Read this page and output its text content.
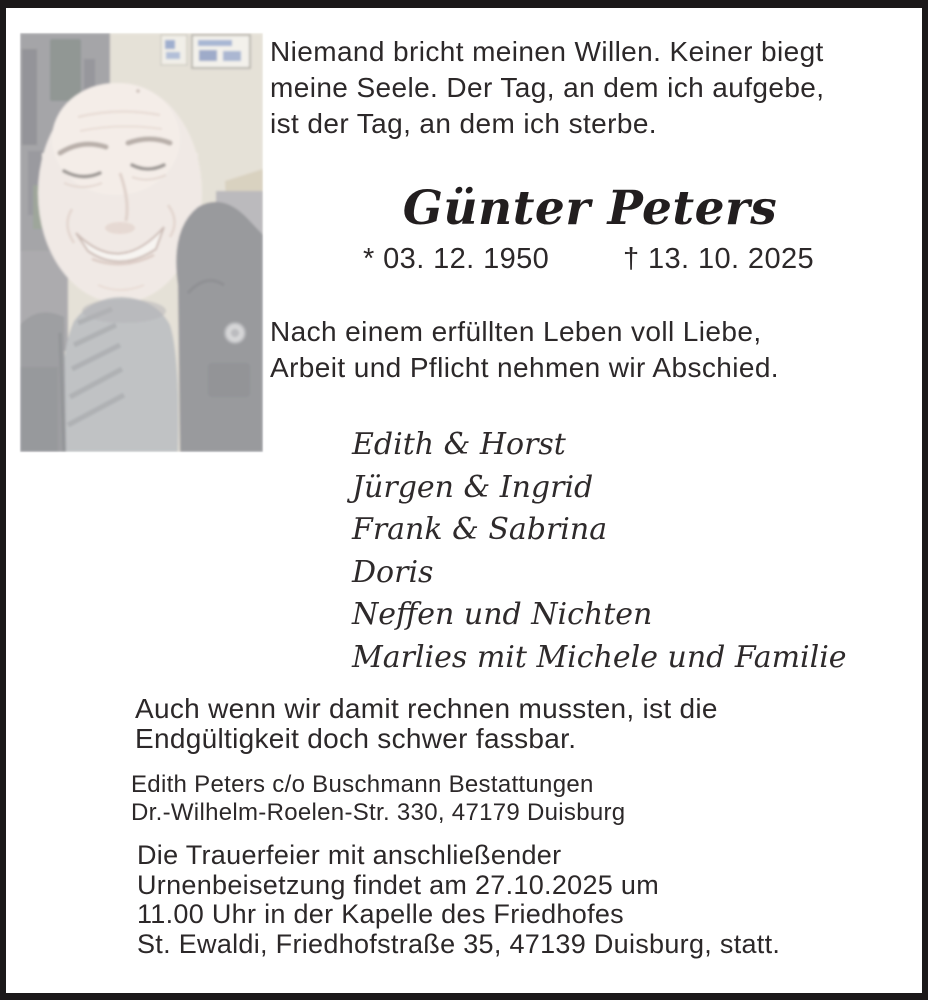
Niemand bricht meinen Willen. Keiner biegt
meine Seele. Der Tag, an dem ich aufgebe,
ist der Tag, an dem ich sterbe.
Günter Peters
* 03. 12. 1950	† 13. 10. 2025
Nach einem erfüllten Leben voll Liebe,
Arbeit und Pflicht nehmen wir Abschied.
Edith & Horst
Jürgen & Ingrid
Frank & Sabrina
Doris
Neffen und Nichten
Marlies mit Michele und Familie
Auch wenn wir damit rechnen mussten, ist die
Endgültigkeit doch schwer fassbar.
Edith Peters c/o Buschmann Bestattungen
Dr.-Wilhelm-Roelen-Str. 330, 47179 Duisburg
Die Trauerfeier mit anschließender
Urnenbeisetzung findet am 27.10.2025 um
11.00 Uhr in der Kapelle des Friedhofes
St. Ewaldi, Friedhofstraße 35, 47139 Duisburg, statt.
